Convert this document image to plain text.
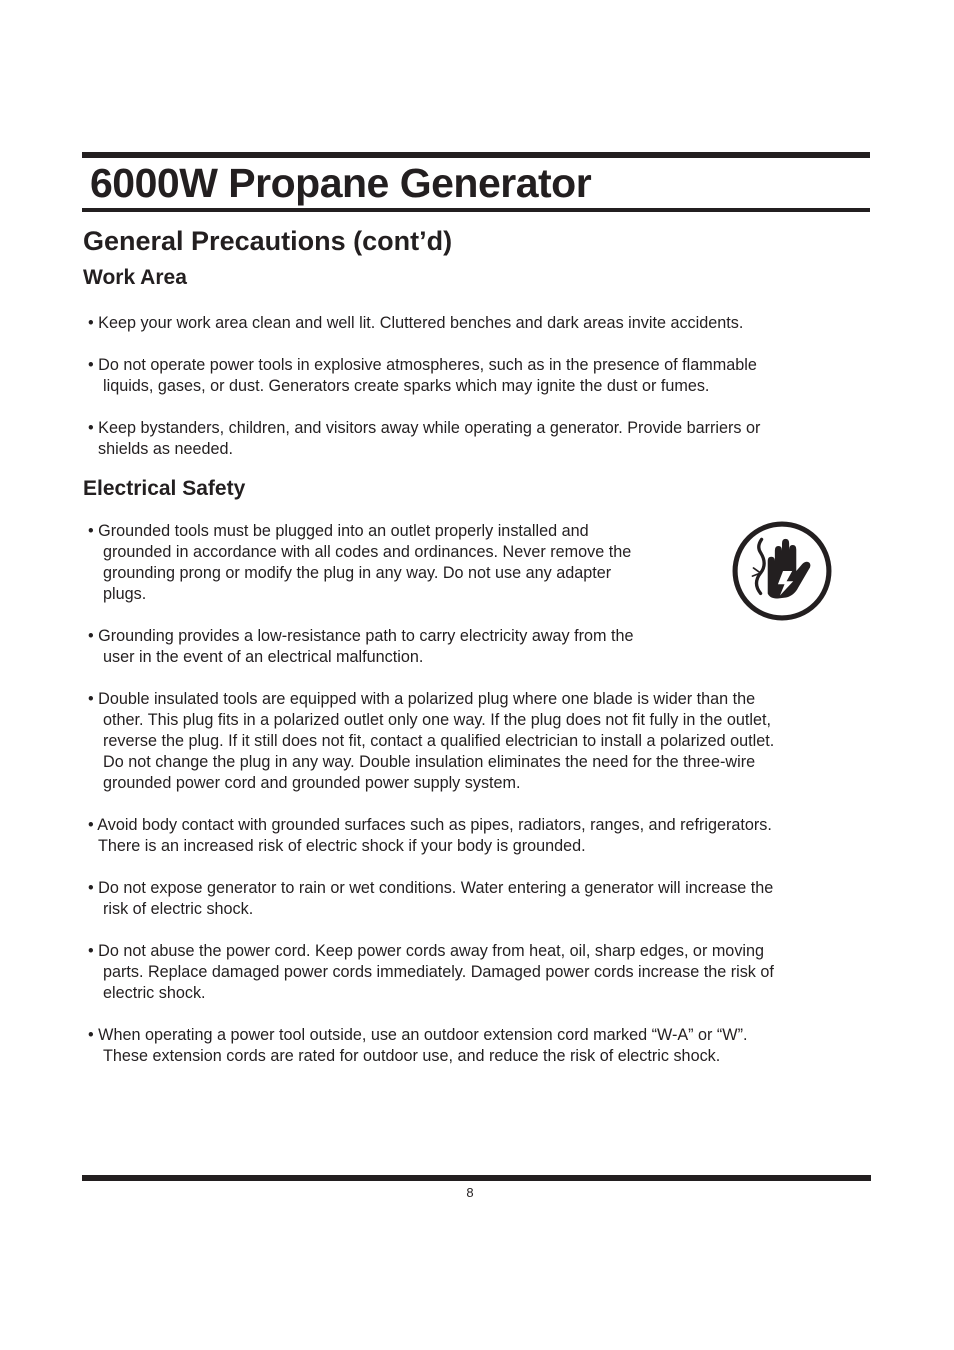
6000W Propane Generator
General Precautions (cont’d)
Work Area

• Keep your work area clean and well lit. Cluttered benches and dark areas invite accidents.

• Do not operate power tools in explosive atmospheres, such as in the presence of flammable
liquids, gases, or dust. Generators create sparks which may ignite the dust or fumes.

• Keep bystanders, children, and visitors away while operating a generator. Provide barriers or
shields as needed.

Electrical Safety

• Grounded tools must be plugged into an outlet properly installed and
grounded in accordance with all codes and ordinances. Never remove the
grounding prong or modify the plug in any way. Do not use any adapter
plugs.

• Grounding provides a low-resistance path to carry electricity away from the
user in the event of an electrical malfunction.

• Double insulated tools are equipped with a polarized plug where one blade is wider than the
other. This plug fits in a polarized outlet only one way. If the plug does not fit fully in the outlet,
reverse the plug. If it still does not fit, contact a qualified electrician to install a polarized outlet.
Do not change the plug in any way. Double insulation eliminates the need for the three-wire
grounded power cord and grounded power supply system.

• Avoid body contact with grounded surfaces such as pipes, radiators, ranges, and refrigerators.
There is an increased risk of electric shock if your body is grounded.

• Do not expose generator to rain or wet conditions. Water entering a generator will increase the
risk of electric shock.

• Do not abuse the power cord. Keep power cords away from heat, oil, sharp edges, or moving
parts. Replace damaged power cords immediately. Damaged power cords increase the risk of
electric shock.

• When operating a power tool outside, use an outdoor extension cord marked “W-A” or “W”.
These extension cords are rated for outdoor use, and reduce the risk of electric shock.

8
